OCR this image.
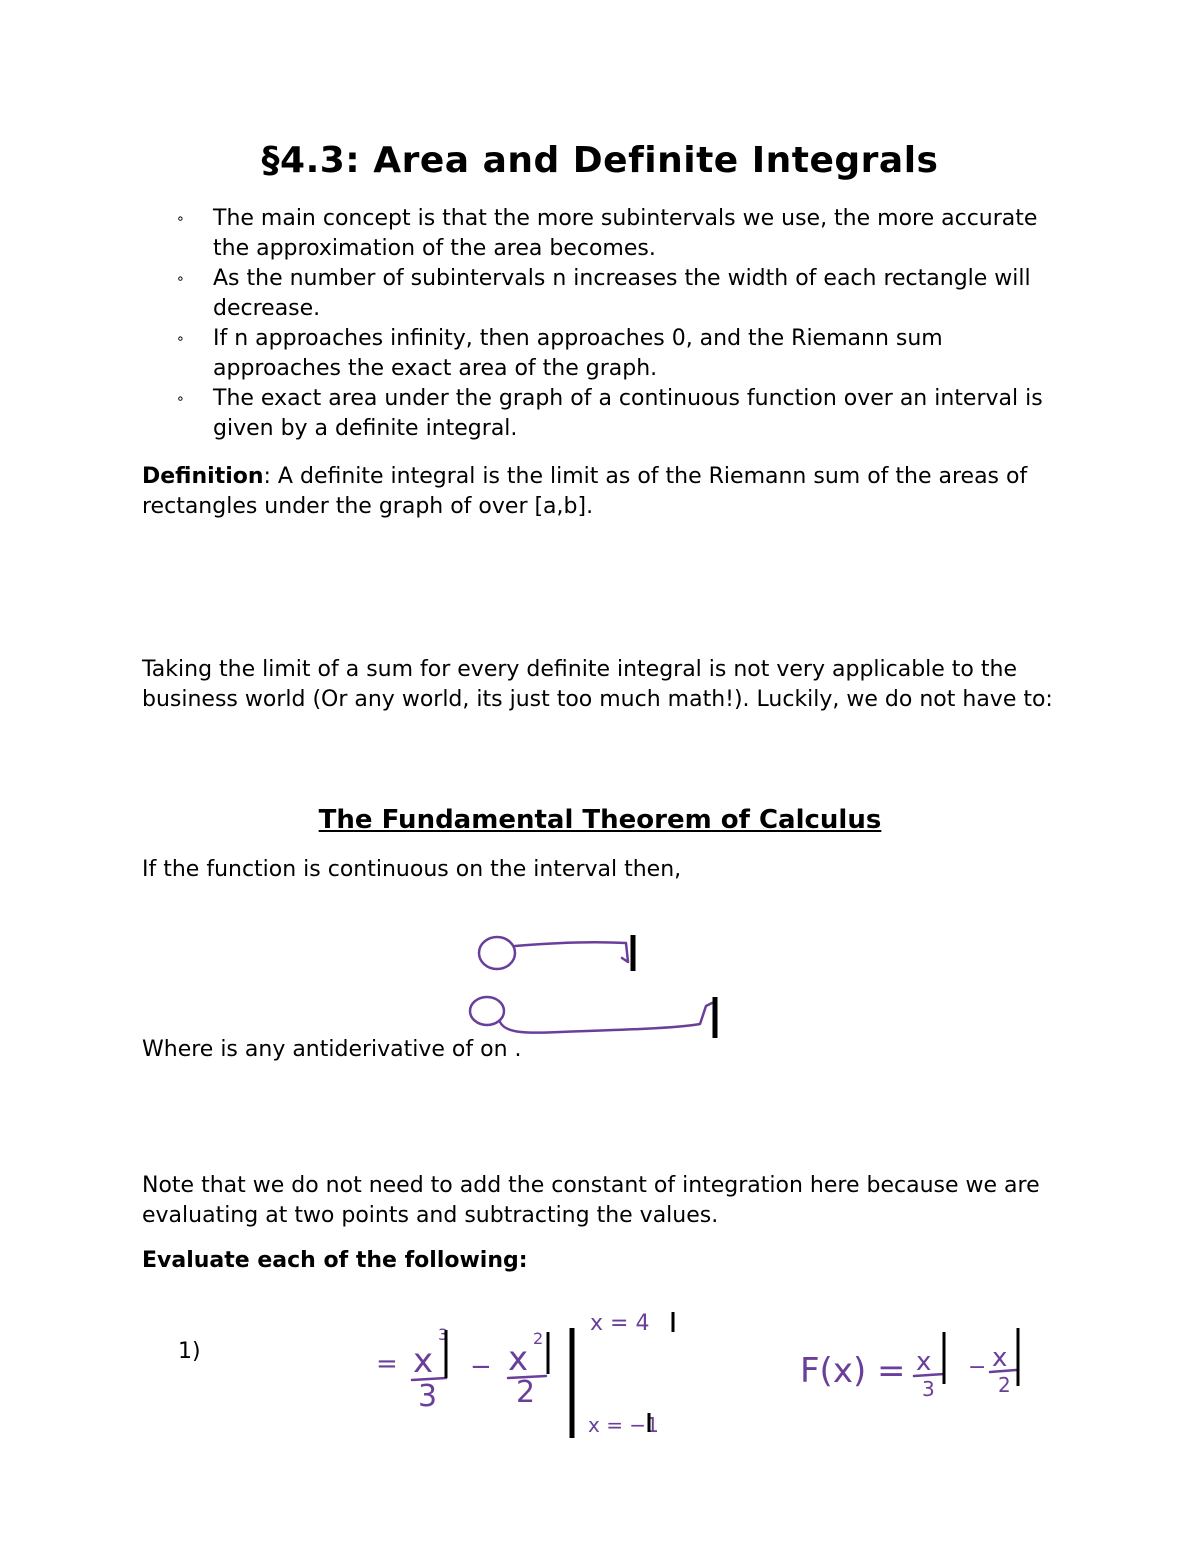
§4.3: Area and Definite Integrals
∘ The main concept is that the more subintervals we use, the more accurate the approximation of the area becomes.
∘ As the number of subintervals n increases the width of each rectangle will decrease.
∘ If n approaches infinity, then approaches 0, and the Riemann sum approaches the exact area of the graph.
∘ The exact area under the graph of a continuous function over an interval is given by a definite integral.

Definition: A definite integral is the limit as of the Riemann sum of the areas of rectangles under the graph of over [a,b].

Taking the limit of a sum for every definite integral is not very applicable to the business world (Or any world, its just too much math!). Luckily, we do not have to:

The Fundamental Theorem of Calculus

If the function is continuous on the interval then,

Where is any antiderivative of on .

Note that we do not need to add the constant of integration here because we are evaluating at two points and subtracting the values.

Evaluate each of the following:

1)	= x
3
3
− x
2
2
x = 4
x = −1
F(x) = x
3
− x
2
